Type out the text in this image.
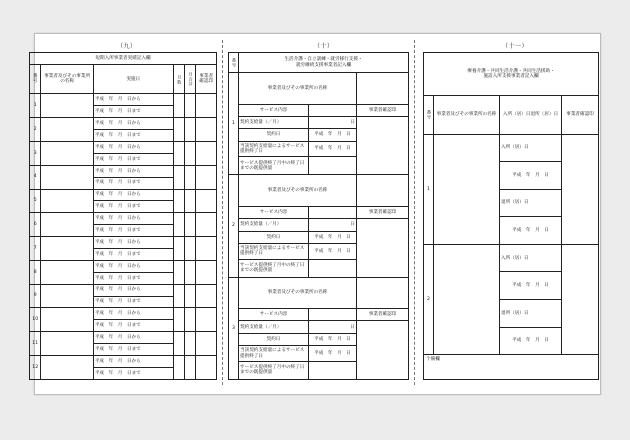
（九）
短期入所事業者実績記入欄					
番号	事業者及びその事業所の名称	実施日	日数	月合計	事業者確認印
1		平成　年　月　日から			
		平成　年　月　日まで			
2		平成　年　月　日から			
		平成　年　月　日まで			
3		平成　年　月　日から			
		平成　年　月　日まで			
4		平成　年　月　日から			
		平成　年　月　日まで			
5		平成　年　月　日から			
		平成　年　月　日まで			
6		平成　年　月　日から			
		平成　年　月　日まで			
7		平成　年　月　日から			
		平成　年　月　日まで			
8		平成　年　月　日から			
		平成　年　月　日まで			
9		平成　年　月　日から			
		平成　年　月　日まで			
10		平成　年　月　日から			
		平成　年　月　日まで			
11		平成　年　月　日から			
		平成　年　月　日まで			
12		平成　年　月　日から			
		平成　年　月　日まで			
（十）
番号	生活介護・自立訓練・就労移行支援・
就労継続支援事業者記入欄		

1	事業者及びその事業所の名称		
	サービス内容		事業者確認印
	契約支給量（／月）	日	
	契約日	平成　年　月　日	
	当該契約支給量によるサービス提供終了日	平成　年　月　日	
	サービス提供終了月中の終了日までの既提供量		
2	事業者及びその事業所の名称		
	サービス内容		事業者確認印
	契約支給量（／月）	日	
	契約日	平成　年　月　日	
	当該契約支給量によるサービス提供終了日	平成　年　月　日	
	サービス提供終了月中の終了日までの既提供量		
3	事業者及びその事業所の名称		
	サービス内容		事業者確認印
	契約支給量（／月）	日	
	契約日	平成　年　月　日	
	当該契約支給量によるサービス提供終了日	平成　年　月　日	
	サービス提供終了月中の終了日までの既提供量		
（十一）
療養介護・共同生活介護・共同生活援助・
施設入所支援事業者記入欄			

番号	事業者及びその事業所の名称	入所（居）日退所（居）日	事業者確認印
1		入所（居）日	
		平成　年　月　日	
		退所（居）日	
		平成　年　月　日	
2		入所（居）日	
		平成　年　月　日	
		退所（居）日	
		平成　年　月　日	
个備欄			
